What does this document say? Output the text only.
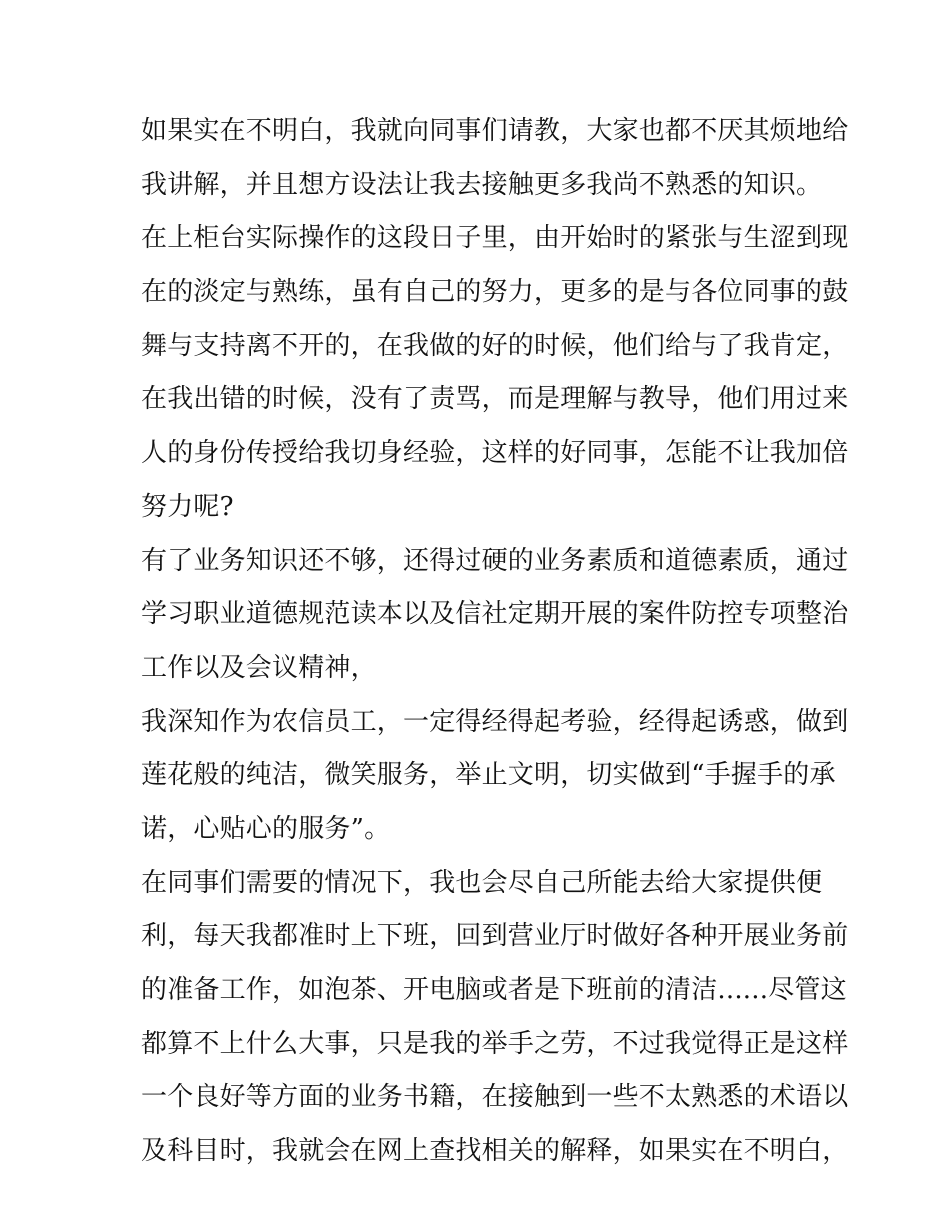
如果实在不明白，我就向同事们请教，大家也都不厌其烦地给
我讲解，并且想方设法让我去接触更多我尚不熟悉的知识。
在上柜台实际操作的这段日子里，由开始时的紧张与生涩到现
在的淡定与熟练，虽有自己的努力，更多的是与各位同事的鼓
舞与支持离不开的，在我做的好的时候，他们给与了我肯定，
在我出错的时候，没有了责骂，而是理解与教导，他们用过来
人的身份传授给我切身经验，这样的好同事，怎能不让我加倍
努力呢?
有了业务知识还不够，还得过硬的业务素质和道德素质，通过
学习职业道德规范读本以及信社定期开展的案件防控专项整治
工作以及会议精神，
我深知作为农信员工，一定得经得起考验，经得起诱惑，做到
莲花般的纯洁，微笑服务，举止文明，切实做到“手握手的承
诺，心贴心的服务”。
在同事们需要的情况下，我也会尽自己所能去给大家提供便
利，每天我都准时上下班，回到营业厅时做好各种开展业务前
的准备工作，如泡茶、开电脑或者是下班前的清洁......尽管这
都算不上什么大事，只是我的举手之劳，不过我觉得正是这样
一个良好等方面的业务书籍，在接触到一些不太熟悉的术语以
及科目时，我就会在网上查找相关的解释，如果实在不明白，
